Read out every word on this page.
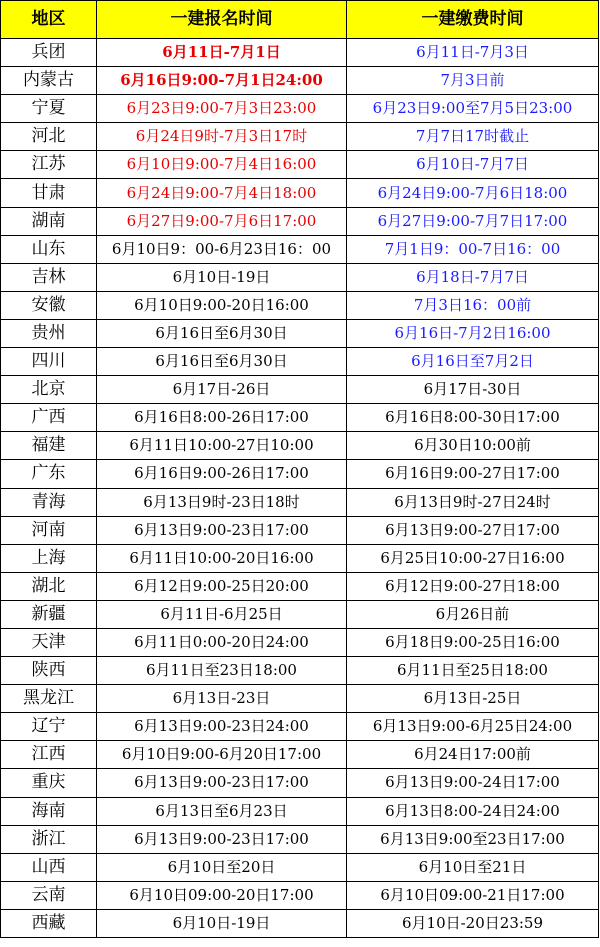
地区	一建报名时间	一建缴费时间
兵团	6月11日-7月1日	6月11日-7月3日
内蒙古	6月16日9:00-7月1日24:00	7月3日前
宁夏	6月23日9:00-7月3日23:00	6月23日9:00至7月5日23:00
河北	6月24日9时-7月3日17时	7月7日17时截止
江苏	6月10日9:00-7月4日16:00	6月10日-7月7日
甘肃	6月24日9:00-7月4日18:00	6月24日9:00-7月6日18:00
湖南	6月27日9:00-7月6日17:00	6月27日9:00-7月7日17:00
山东	6月10日9：00-6月23日16：00	7月1日9：00-7日16：00
吉林	6月10日-19日	6月18日-7月7日
安徽	6月10日9:00-20日16:00	7月3日16：00前
贵州	6月16日至6月30日	6月16日-7月2日16:00
四川	6月16日至6月30日	6月16日至7月2日
北京	6月17日-26日	6月17日-30日
广西	6月16日8:00-26日17:00	6月16日8:00-30日17:00
福建	6月11日10:00-27日10:00	6月30日10:00前
广东	6月16日9:00-26日17:00	6月16日9:00-27日17:00
青海	6月13日9时-23日18时	6月13日9时-27日24时
河南	6月13日9:00-23日17:00	6月13日9:00-27日17:00
上海	6月11日10:00-20日16:00	6月25日10:00-27日16:00
湖北	6月12日9:00-25日20:00	6月12日9:00-27日18:00
新疆	6月11日-6月25日	6月26日前
天津	6月11日0:00-20日24:00	6月18日9:00-25日16:00
陕西	6月11日至23日18:00	6月11日至25日18:00
黑龙江	6月13日-23日	6月13日-25日
辽宁	6月13日9:00-23日24:00	6月13日9:00-6月25日24:00
江西	6月10日9:00-6月20日17:00	6月24日17:00前
重庆	6月13日9:00-23日17:00	6月13日9:00-24日17:00
海南	6月13日至6月23日	6月13日8:00-24日24:00
浙江	6月13日9:00-23日17:00	6月13日9:00至23日17:00
山西	6月10日至20日	6月10日至21日
云南	6月10日09:00-20日17:00	6月10日09:00-21日17:00
西藏	6月10日-19日	6月10日-20日23:59
